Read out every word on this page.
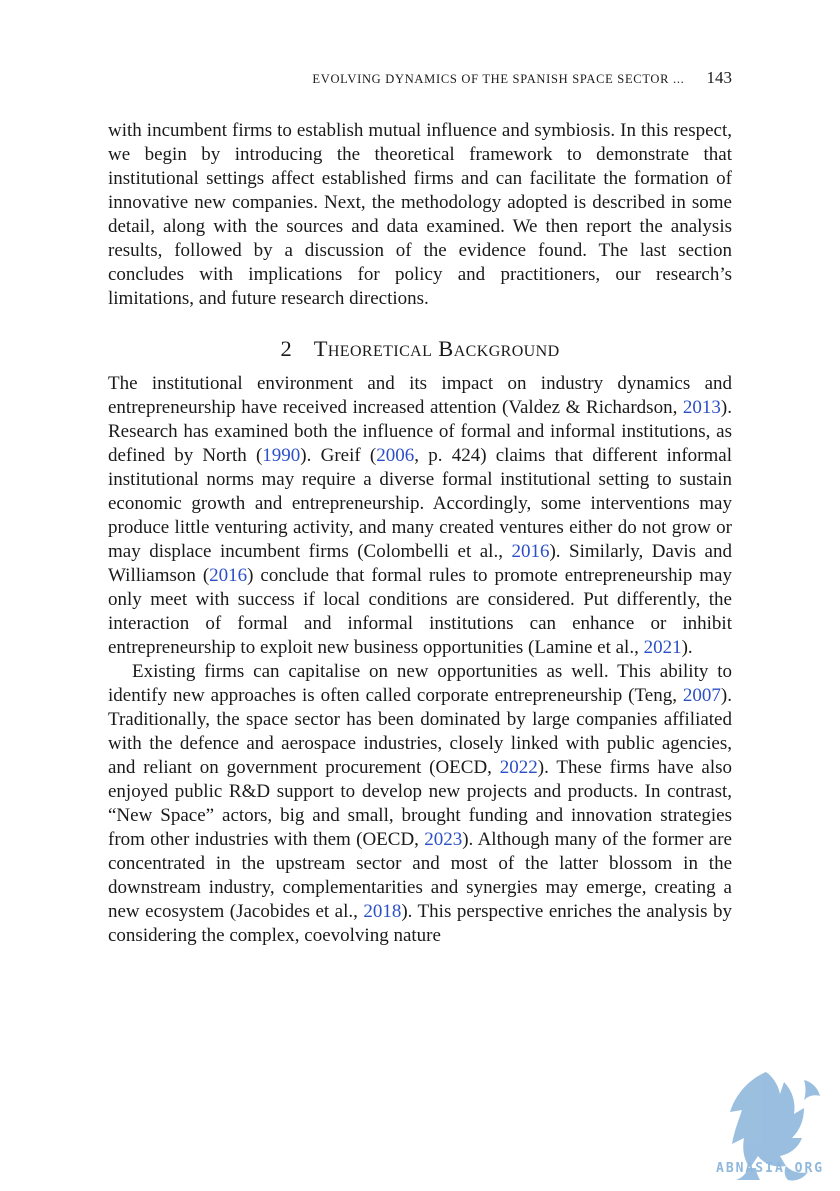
EVOLVING DYNAMICS OF THE SPANISH SPACE SECTOR ... 143

with incumbent firms to establish mutual influence and symbiosis. In this respect, we begin by introducing the theoretical framework to demonstrate that institutional settings affect established firms and can facilitate the formation of innovative new companies. Next, the methodology adopted is described in some detail, along with the sources and data examined. We then report the analysis results, followed by a discussion of the evidence found. The last section concludes with implications for policy and practitioners, our research’s limitations, and future research directions.

2 Theoretical Background

The institutional environment and its impact on industry dynamics and entrepreneurship have received increased attention (Valdez & Richardson, 2013). Research has examined both the influence of formal and informal institutions, as defined by North (1990). Greif (2006, p. 424) claims that different informal institutional norms may require a diverse formal institutional setting to sustain economic growth and entrepreneurship. Accordingly, some interventions may produce little venturing activity, and many created ventures either do not grow or may displace incumbent firms (Colombelli et al., 2016). Similarly, Davis and Williamson (2016) conclude that formal rules to promote entrepreneurship may only meet with success if local conditions are considered. Put differently, the interaction of formal and informal institutions can enhance or inhibit entrepreneurship to exploit new business opportunities (Lamine et al., 2021).

Existing firms can capitalise on new opportunities as well. This ability to identify new approaches is often called corporate entrepreneurship (Teng, 2007). Traditionally, the space sector has been dominated by large companies affiliated with the defence and aerospace industries, closely linked with public agencies, and reliant on government procurement (OECD, 2022). These firms have also enjoyed public R&D support to develop new projects and products. In contrast, “New Space” actors, big and small, brought funding and innovation strategies from other industries with them (OECD, 2023). Although many of the former are concentrated in the upstream sector and most of the latter blossom in the downstream industry, complementarities and synergies may emerge, creating a new ecosystem (Jacobides et al., 2018). This perspective enriches the analysis by considering the complex, coevolving nature

ABNASIA.ORG
